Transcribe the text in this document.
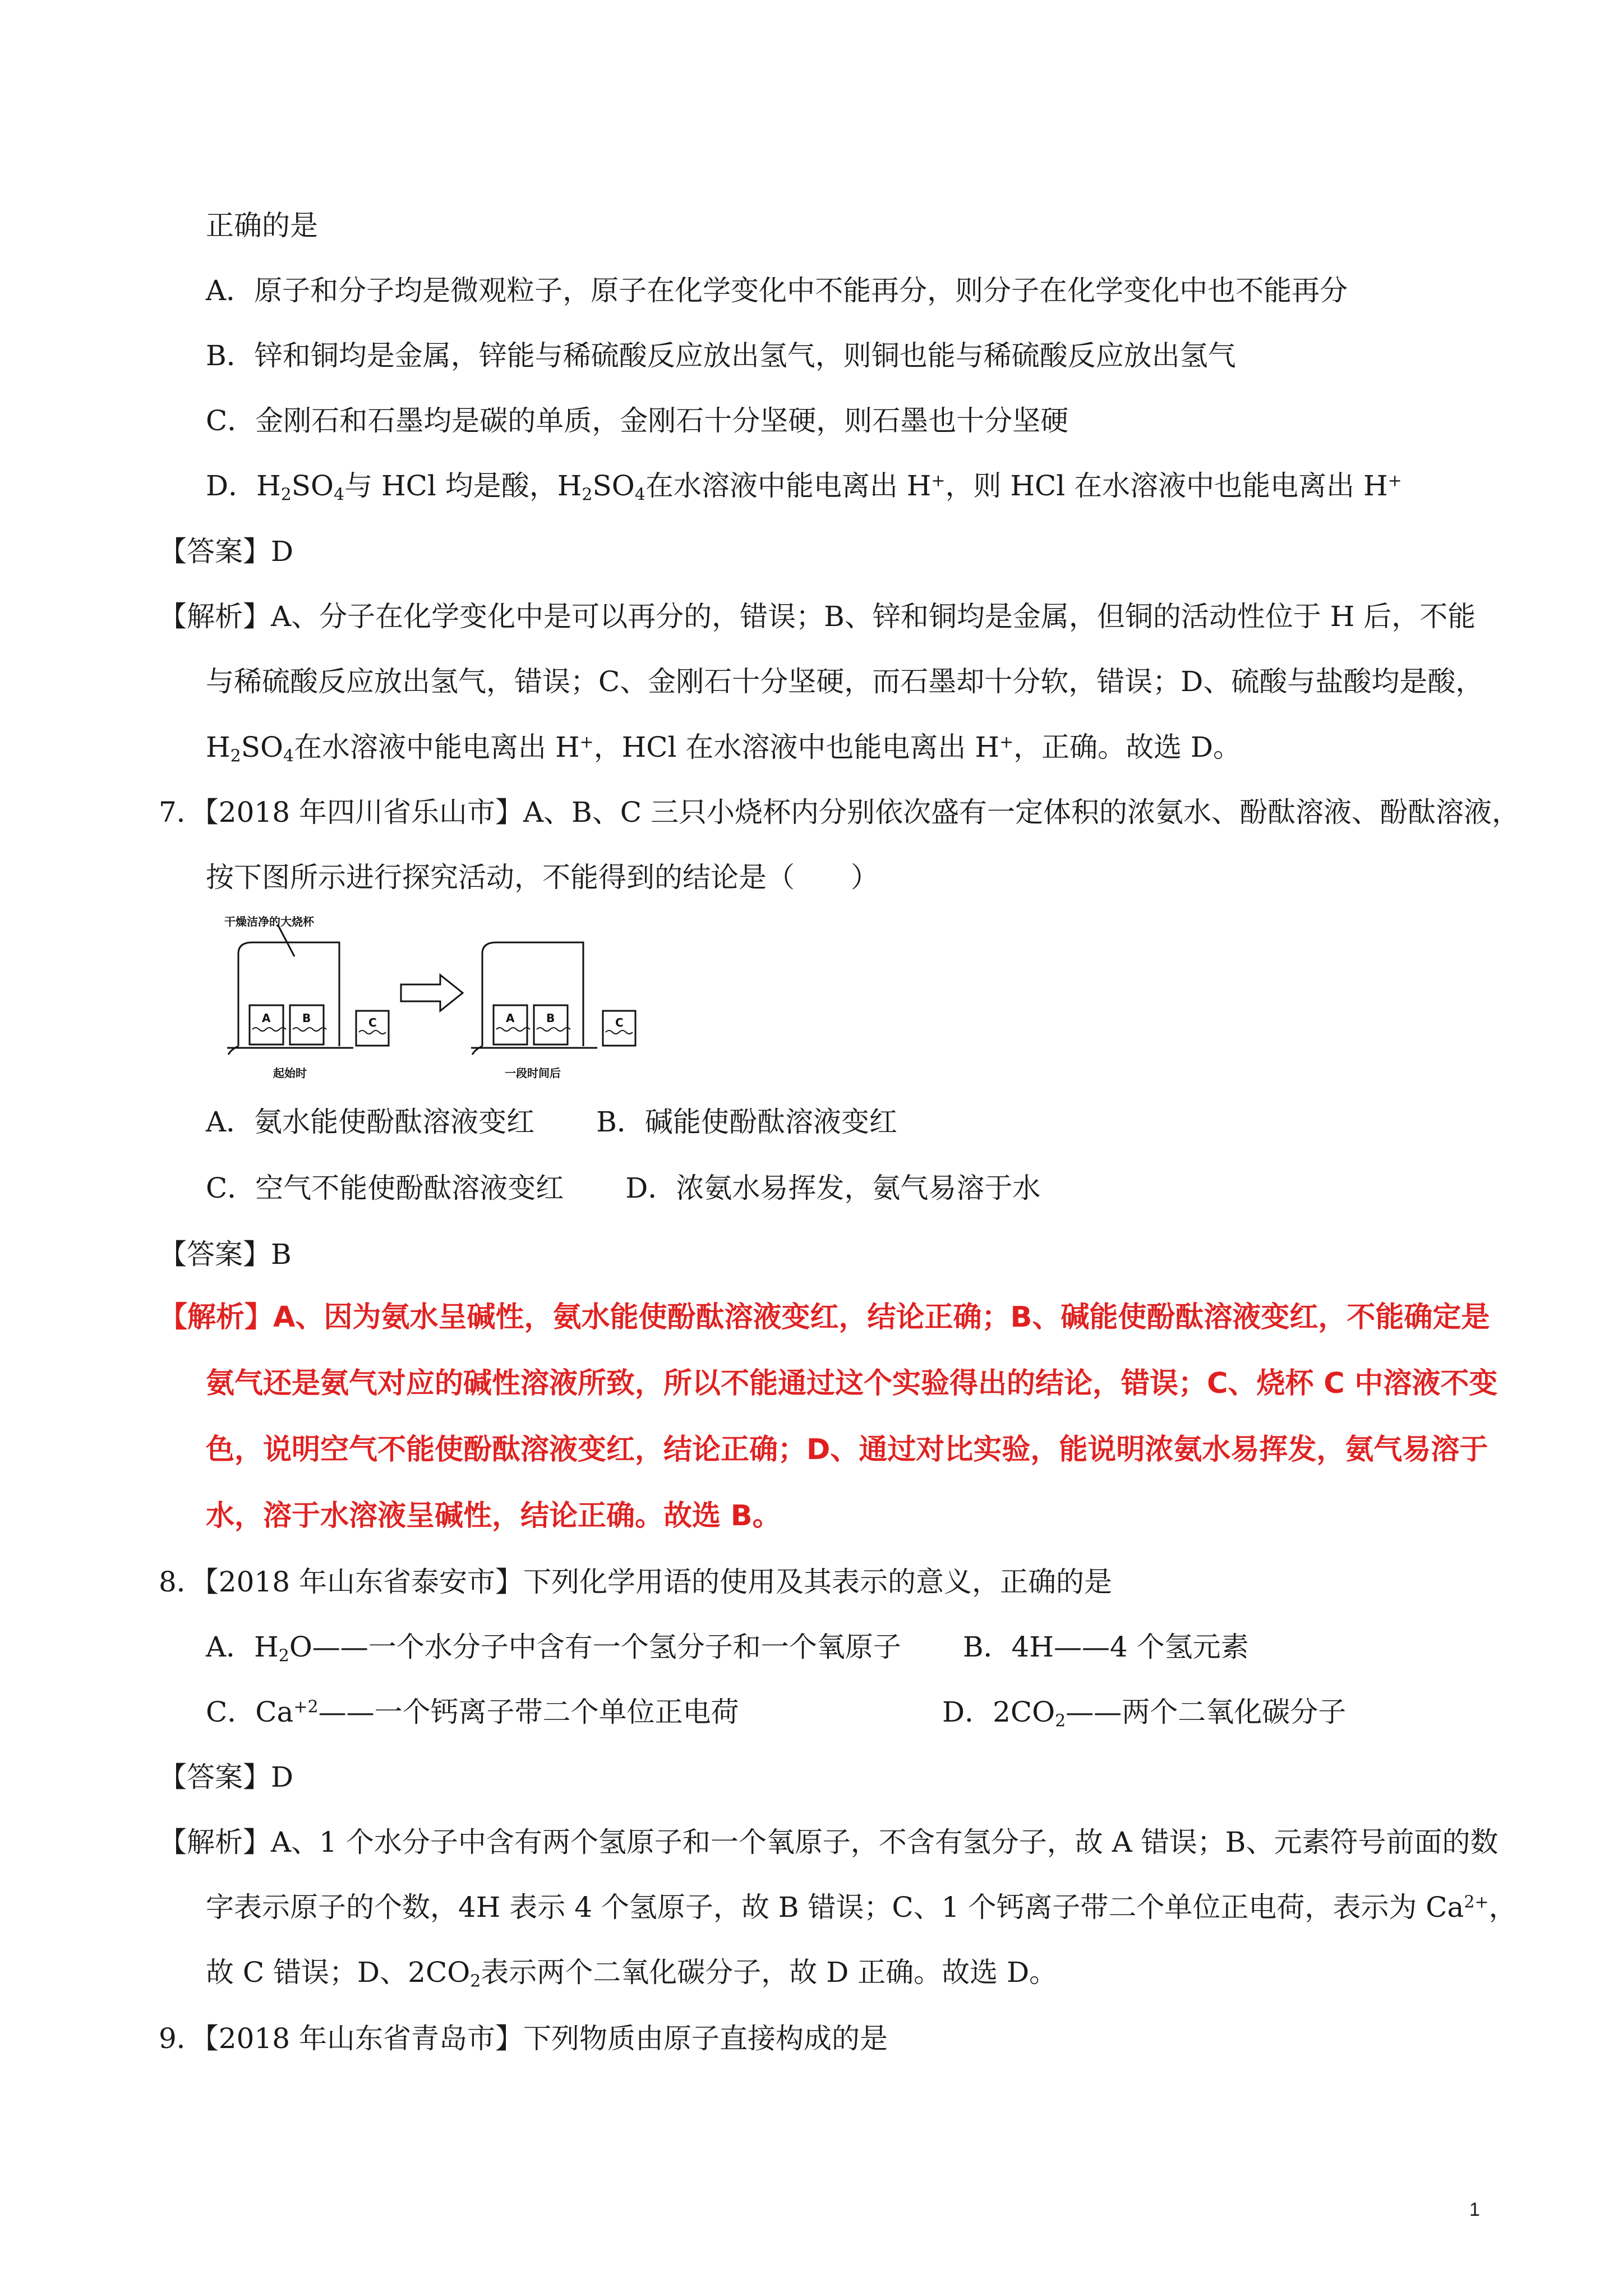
正确的是
A．原子和分子均是微观粒子，原子在化学变化中不能再分，则分子在化学变化中也不能再分
B．锌和铜均是金属，锌能与稀硫酸反应放出氢气，则铜也能与稀硫酸反应放出氢气
C．金刚石和石墨均是碳的单质，金刚石十分坚硬，则石墨也十分坚硬
D．$H_2SO_4$与 HCl 均是酸，$H_2SO_4$在水溶液中能电离出 H+，则 HCl 在水溶液中也能电离出 H+
【答案】D
【解析】A、分子在化学变化中是可以再分的，错误；B、锌和铜均是金属，但铜的活动性位于 H 后，不能
与稀硫酸反应放出氢气，错误；C、金刚石十分坚硬，而石墨却十分软，错误；D、硫酸与盐酸均是酸，
$H_2SO_4$在水溶液中能电离出 H+，HCl 在水溶液中也能电离出 H+，正确。故选 D。
7．【2018 年四川省乐山市】A、B、C 三只小烧杯内分别依次盛有一定体积的浓氨水、酚酞溶液、酚酞溶液，
按下图所示进行探究活动，不能得到的结论是（　　）
干燥洁净的大烧杯
A	B	C	A	B	C
起始时	一段时间后
A．氨水能使酚酞溶液变红 B．碱能使酚酞溶液变红
C．空气不能使酚酞溶液变红 D．浓氨水易挥发，氨气易溶于水
【答案】B
【解析】A、因为氨水呈碱性，氨水能使酚酞溶液变红，结论正确；B、碱能使酚酞溶液变红，不能确定是
氨气还是氨气对应的碱性溶液所致，所以不能通过这个实验得出的结论，错误；C、烧杯 C 中溶液不变
色，说明空气不能使酚酞溶液变红，结论正确；D、通过对比实验，能说明浓氨水易挥发，氨气易溶于
水，溶于水溶液呈碱性，结论正确。故选 B。
8．【2018 年山东省泰安市】下列化学用语的使用及其表示的意义，正确的是
A．$H_2O——$一个水分子中含有一个氢分子和一个氧原子 B．4H——4 个氢元素
C．$Ca^{+2}——$一个钙离子带二个单位正电荷	D．$2CO_2——$两个二氧化碳分子
【答案】D
【解析】A、1 个水分子中含有两个氢原子和一个氧原子，不含有氢分子，故 A 错误；B、元素符号前面的数
字表示原子的个数，4H 表示 4 个氢原子，故 B 错误；C、1 个钙离子带二个单位正电荷，表示为 $Ca^{2+}$，
故 C 错误；D、$2CO_2$表示两个二氧化碳分子，故 D 正确。故选 D。
9．【2018 年山东省青岛市】下列物质由原子直接构成的是
1
